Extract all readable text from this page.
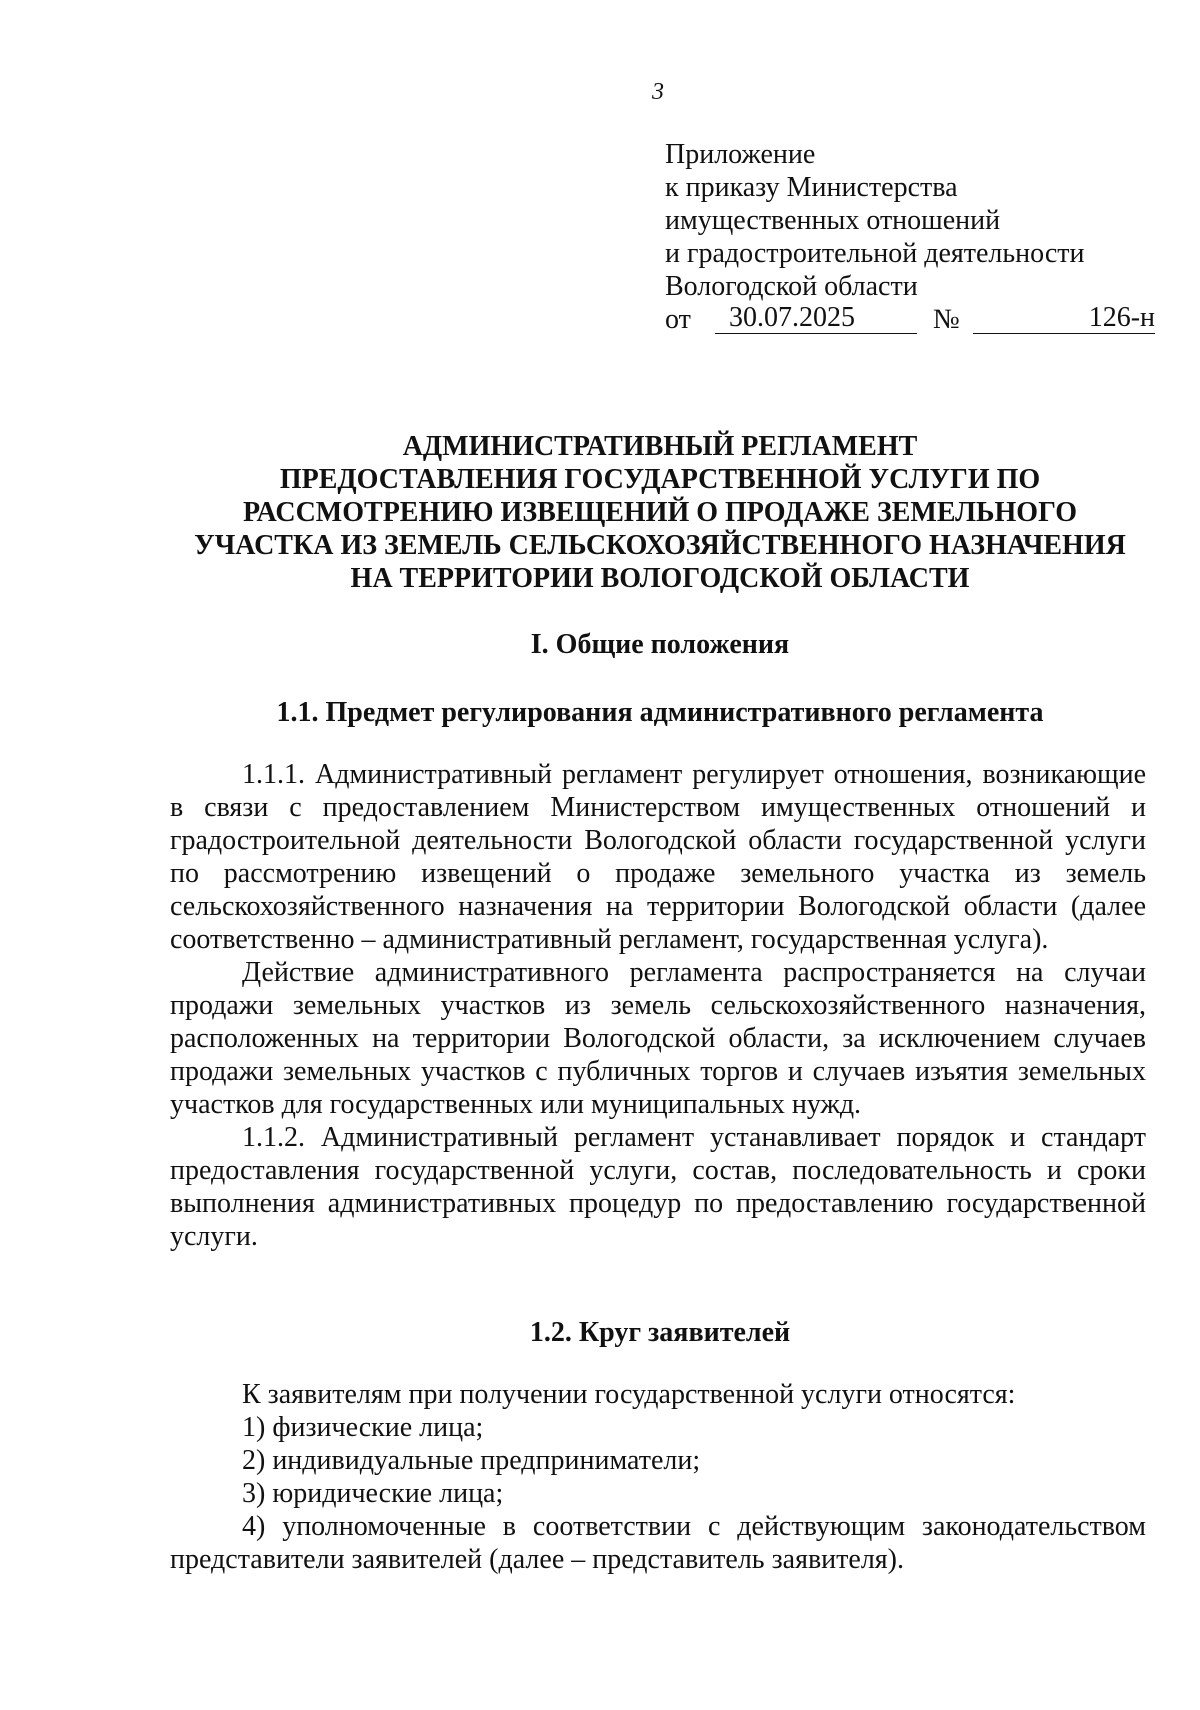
3
Приложение
к приказу Министерства
имущественных отношений
и градостроительной деятельности
Вологодской области
от	30.07.2025	№	126-н
АДМИНИСТРАТИВНЫЙ РЕГЛАМЕНТ
ПРЕДОСТАВЛЕНИЯ ГОСУДАРСТВЕННОЙ УСЛУГИ ПО
РАССМОТРЕНИЮ ИЗВЕЩЕНИЙ О ПРОДАЖЕ ЗЕМЕЛЬНОГО
УЧАСТКА ИЗ ЗЕМЕЛЬ СЕЛЬСКОХОЗЯЙСТВЕННОГО НАЗНАЧЕНИЯ
НА ТЕРРИТОРИИ ВОЛОГОДСКОЙ ОБЛАСТИ
I. Общие положения
1.1. Предмет регулирования административного регламента

1.1.1. Административный регламент регулирует отношения, возникающие в связи с предоставлением Министерством имущественных отношений и градостроительной деятельности Вологодской области государственной услуги по рассмотрению извещений о продаже земельного участка из земель сельскохозяйственного назначения на территории Вологодской области (далее соответственно – административный регламент, государственная услуга).

Действие административного регламента распространяется на случаи продажи земельных участков из земель сельскохозяйственного назначения, расположенных на территории Вологодской области, за исключением случаев продажи земельных участков с публичных торгов и случаев изъятия земельных участков для государственных или муниципальных нужд.

1.1.2. Административный регламент устанавливает порядок и стандарт предоставления государственной услуги, состав, последовательность и сроки выполнения административных процедур по предоставлению государственной услуги.

1.2. Круг заявителей

К заявителям при получении государственной услуги относятся:

1) физические лица;

2) индивидуальные предприниматели;

3) юридические лица;

4) уполномоченные в соответствии с действующим законодательством представители заявителей (далее – представитель заявителя).
